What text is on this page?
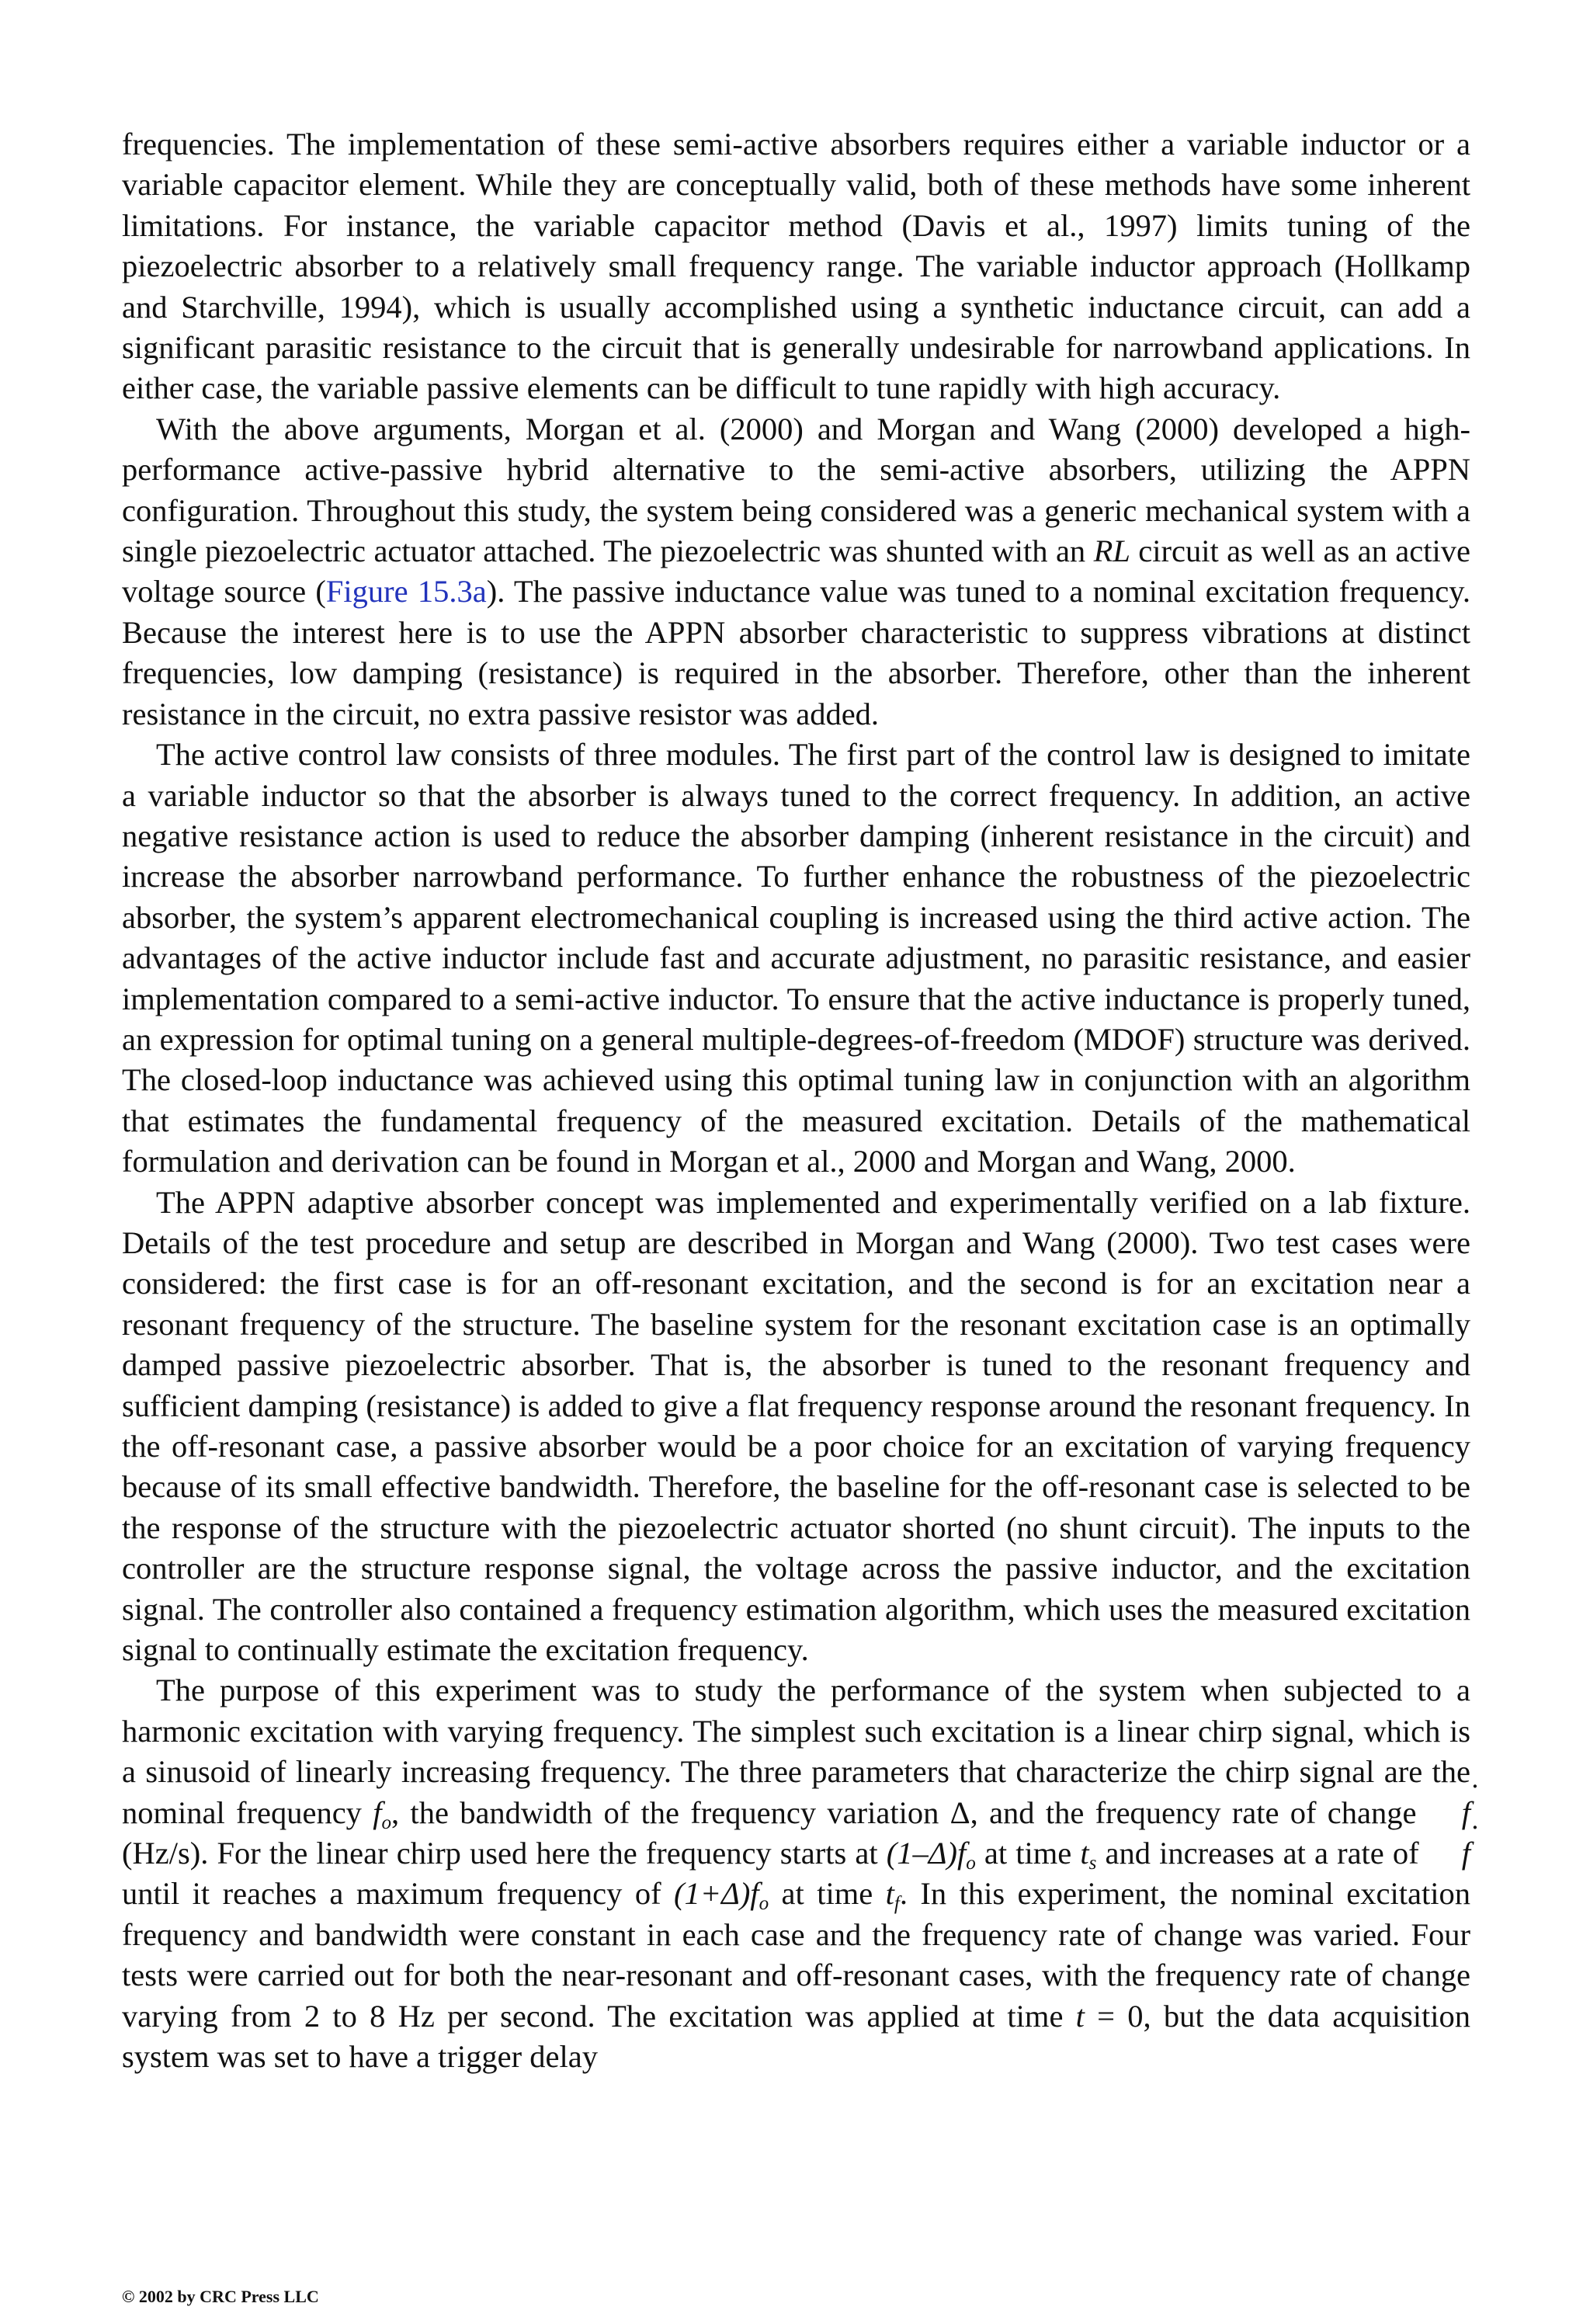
frequencies. The implementation of these semi-active absorbers requires either a variable inductor or a variable capacitor element. While they are conceptually valid, both of these methods have some inherent limitations. For instance, the variable capacitor method (Davis et al., 1997) limits tuning of the piezoelectric absorber to a relatively small frequency range. The variable inductor approach (Hollkamp and Starchville, 1994), which is usually accomplished using a synthetic inductance circuit, can add a significant parasitic resistance to the circuit that is generally undesirable for narrowband applications. In either case, the variable passive elements can be difficult to tune rapidly with high accuracy.

With the above arguments, Morgan et al. (2000) and Morgan and Wang (2000) developed a high-performance active-passive hybrid alternative to the semi-active absorbers, utilizing the APPN configuration. Throughout this study, the system being considered was a generic mechanical system with a single piezoelectric actuator attached. The piezoelectric was shunted with an RL circuit as well as an active voltage source (Figure 15.3a). The passive inductance value was tuned to a nominal excitation frequency. Because the interest here is to use the APPN absorber characteristic to suppress vibrations at distinct frequencies, low damping (resistance) is required in the absorber. Therefore, other than the inherent resistance in the circuit, no extra passive resistor was added.

The active control law consists of three modules. The first part of the control law is designed to imitate a variable inductor so that the absorber is always tuned to the correct frequency. In addition, an active negative resistance action is used to reduce the absorber damping (inherent resistance in the circuit) and increase the absorber narrowband performance. To further enhance the robustness of the piezoelectric absorber, the system’s apparent electromechanical coupling is increased using the third active action. The advantages of the active inductor include fast and accurate adjustment, no parasitic resistance, and easier implementation compared to a semi-active inductor. To ensure that the active inductance is properly tuned, an expression for optimal tuning on a general multiple-degrees-of-freedom (MDOF) structure was derived. The closed-loop inductance was achieved using this optimal tuning law in conjunction with an algorithm that estimates the fundamental frequency of the measured excitation. Details of the mathematical formulation and derivation can be found in Morgan et al., 2000 and Morgan and Wang, 2000.

The APPN adaptive absorber concept was implemented and experimentally verified on a lab fixture. Details of the test procedure and setup are described in Morgan and Wang (2000). Two test cases were considered: the first case is for an off-resonant excitation, and the second is for an excitation near a resonant frequency of the structure. The baseline system for the resonant excitation case is an optimally damped passive piezoelectric absorber. That is, the absorber is tuned to the resonant frequency and sufficient damping (resistance) is added to give a flat frequency response around the resonant frequency. In the off-resonant case, a passive absorber would be a poor choice for an excitation of varying frequency because of its small effective bandwidth. Therefore, the baseline for the off-resonant case is selected to be the response of the structure with the piezoelectric actuator shorted (no shunt circuit). The inputs to the controller are the structure response signal, the voltage across the passive inductor, and the excitation signal. The controller also contained a frequency estimation algorithm, which uses the measured excitation signal to continually estimate the excitation frequency.

The purpose of this experiment was to study the performance of the system when subjected to a harmonic excitation with varying frequency. The simplest such excitation is a linear chirp signal, which is a sinusoid of linearly increasing frequency. The three parameters that characterize the chirp signal are the nominal frequency $f_o$, the bandwidth of the frequency variation Δ, and the frequency rate of change ˙ f(Hz/s). For the linear chirp used here the frequency starts at $(1-\Delta)f_o$ at time $t_s$ and increases at a rate of ˙ f until it reaches a maximum frequency of $(1+\Delta)f_o$ at time $t_f$. In this experiment, the nominal excitation frequency and bandwidth were constant in each case and the frequency rate of change was varied. Four tests were carried out for both the near-resonant and off-resonant cases, with the frequency rate of change varying from 2 to 8 Hz per second. The excitation was applied at time t = 0, but the data acquisition system was set to have a trigger delay

© 2002 by CRC Press LLC
